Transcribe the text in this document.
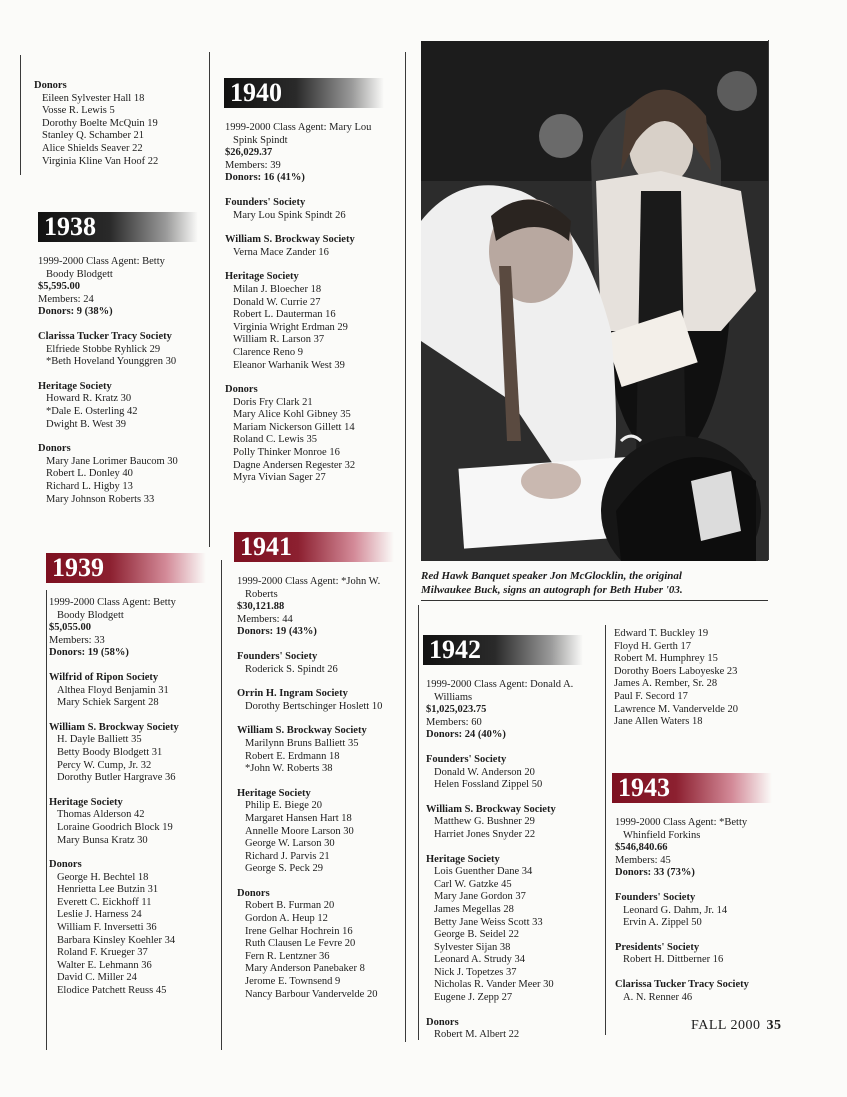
Donors
Eileen Sylvester Hall 18
Vosse R. Lewis 5
Dorothy Boelte McQuin 19
Stanley Q. Schamber 21
Alice Shields Seaver 22
Virginia Kline Van Hoof 22
1938
1999-2000 Class Agent: Betty
Boody Blodgett
$5,595.00
Members: 24
Donors: 9 (38%)
Clarissa Tucker Tracy Society
Elfriede Stobbe Ryhlick 29
*Beth Hoveland Younggren 30
Heritage Society
Howard R. Kratz 30
*Dale E. Osterling 42
Dwight B. West 39
Donors
Mary Jane Lorimer Baucom 30
Robert L. Donley 40
Richard L. Higby 13
Mary Johnson Roberts 33
1939
1999-2000 Class Agent: Betty
Boody Blodgett
$5,055.00
Members: 33
Donors: 19 (58%)
Wilfrid of Ripon Society
Althea Floyd Benjamin 31
Mary Schiek Sargent 28
William S. Brockway Society
H. Dayle Balliett 35
Betty Boody Blodgett 31
Percy W. Cump, Jr. 32
Dorothy Butler Hargrave 36
Heritage Society
Thomas Alderson 42
Loraine Goodrich Block 19
Mary Bunsa Kratz 30
Donors
George H. Bechtel 18
Henrietta Lee Butzin 31
Everett C. Eickhoff 11
Leslie J. Harness 24
William F. Inversetti 36
Barbara Kinsley Koehler 34
Roland F. Krueger 37
Walter E. Lehmann 36
David C. Miller 24
Elodice Patchett Reuss 45
1940
1999-2000 Class Agent: Mary Lou
Spink Spindt
$26,029.37
Members: 39
Donors: 16 (41%)
Founders' Society
Mary Lou Spink Spindt 26
William S. Brockway Society
Verna Mace Zander 16
Heritage Society
Milan J. Bloecher 18
Donald W. Currie 27
Robert L. Dauterman 16
Virginia Wright Erdman 29
William R. Larson 37
Clarence Reno 9
Eleanor Warhanik West 39
Donors
Doris Fry Clark 21
Mary Alice Kohl Gibney 35
Mariam Nickerson Gillett 14
Roland C. Lewis 35
Polly Thinker Monroe 16
Dagne Andersen Regester 32
Myra Vivian Sager 27
1941
1999-2000 Class Agent: *John W.
Roberts
$30,121.88
Members: 44
Donors: 19 (43%)
Founders' Society
Roderick S. Spindt 26
Orrin H. Ingram Society
Dorothy Bertschinger Hoslett 10
William S. Brockway Society
Marilynn Bruns Balliett 35
Robert E. Erdmann 18
*John W. Roberts 38
Heritage Society
Philip E. Biege 20
Margaret Hansen Hart 18
Annelle Moore Larson 30
George W. Larson 30
Richard J. Parvis 21
George S. Peck 29
Donors
Robert B. Furman 20
Gordon A. Heup 12
Irene Gelhar Hochrein 16
Ruth Clausen Le Fevre 20
Fern R. Lentzner 36
Mary Anderson Panebaker 8
Jerome E. Townsend 9
Nancy Barbour Vandervelde 20
Red Hawk Banquet speaker Jon McGlocklin, the original
Milwaukee Buck, signs an autograph for Beth Huber '03.
1942
1999-2000 Class Agent: Donald A.
Williams
$1,025,023.75
Members: 60
Donors: 24 (40%)
Founders' Society
Donald W. Anderson 20
Helen Fossland Zippel 50
William S. Brockway Society
Matthew G. Bushner 29
Harriet Jones Snyder 22
Heritage Society
Lois Guenther Dane 34
Carl W. Gatzke 45
Mary Jane Gordon 37
James Megellas 28
Betty Jane Weiss Scott 33
George B. Seidel 22
Sylvester Sijan 38
Leonard A. Strudy 34
Nick J. Topetzes 37
Nicholas R. Vander Meer 30
Eugene J. Zepp 27
Donors
Robert M. Albert 22
Edward T. Buckley 19
Floyd H. Gerth 17
Robert M. Humphrey 15
Dorothy Boers Laboyeske 23
James A. Rember, Sr. 28
Paul F. Secord 17
Lawrence M. Vandervelde 20
Jane Allen Waters 18
1943
1999-2000 Class Agent: *Betty
Whinfield Forkins
$546,840.66
Members: 45
Donors: 33 (73%)
Founders' Society
Leonard G. Dahm, Jr. 14
Ervin A. Zippel 50
Presidents' Society
Robert H. Dittberner 16
Clarissa Tucker Tracy Society
A. N. Renner 46
FALL 2000 35
